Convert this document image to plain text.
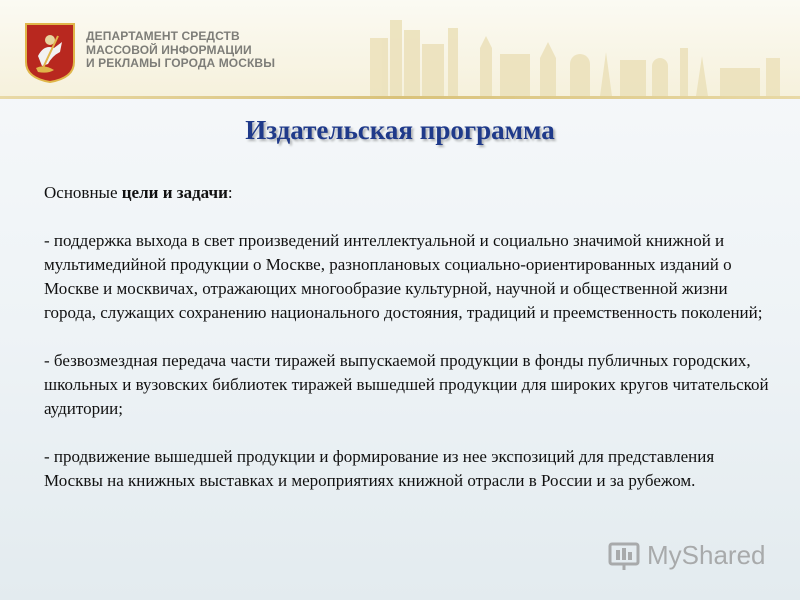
ДЕПАРТАМЕНТ СРЕДСТВ
МАССОВОЙ ИНФОРМАЦИИ
И РЕКЛАМЫ ГОРОДА МОСКВЫ
Издательская программа

Основные цели и задачи:

- поддержка выхода в свет произведений интеллектуальной и социально значимой книжной и мультимедийной продукции о Москве, разноплановых социально-ориентированных изданий о Москве и москвичах, отражающих многообразие культурной, научной и общественной жизни города, служащих сохранению национального достояния, традиций и преемственность поколений;

- безвозмездная передача части тиражей выпускаемой продукции в фонды публичных городских, школьных и вузовских библиотек тиражей вышедшей продукции для широких кругов читательской аудитории;

- продвижение вышедшей продукции и формирование из нее экспозиций для представления Москвы на книжных выставках и мероприятиях книжной отрасли в России и за рубежом.

MyShared
